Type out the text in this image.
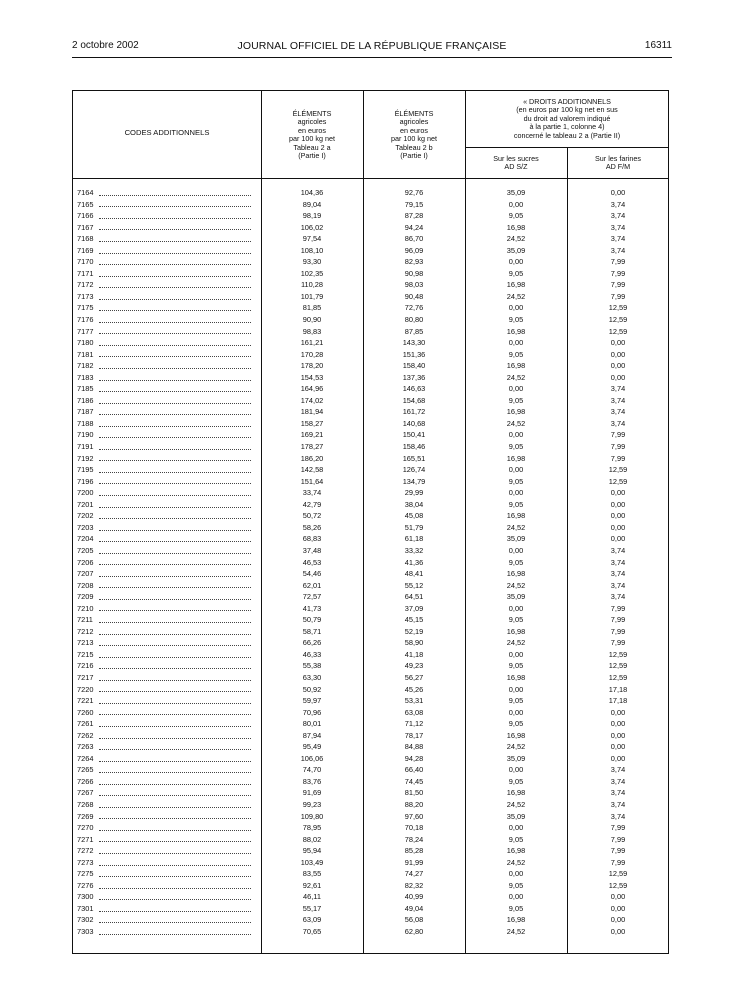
2 octobre 2002	JOURNAL OFFICIEL DE LA RÉPUBLIQUE FRANÇAISE	16311
CODES ADDITIONNELS
ÉLÉMENTS
agricoles
en euros
par 100 kg net
Tableau 2 a
(Partie I)
ÉLÉMENTS
agricoles
en euros
par 100 kg net
Tableau 2 b
(Partie I)
« DROITS ADDITIONNELS
(en euros par 100 kg net en sus
du droit ad valorem indiqué
à la partie 1, colonne 4)
concerné le tableau 2 a (Partie II)
Sur les sucres
AD S/Z
Sur les farines
AD F/M
7164	104,36	92,76	35,09	0,00
7165	89,04	79,15	0,00	3,74
7166	98,19	87,28	9,05	3,74
7167	106,02	94,24	16,98	3,74
7168	97,54	86,70	24,52	3,74
7169	108,10	96,09	35,09	3,74
7170	93,30	82,93	0,00	7,99
7171	102,35	90,98	9,05	7,99
7172	110,28	98,03	16,98	7,99
7173	101,79	90,48	24,52	7,99
7175	81,85	72,76	0,00	12,59
7176	90,90	80,80	9,05	12,59
7177	98,83	87,85	16,98	12,59
7180	161,21	143,30	0,00	0,00
7181	170,28	151,36	9,05	0,00
7182	178,20	158,40	16,98	0,00
7183	154,53	137,36	24,52	0,00
7185	164,96	146,63	0,00	3,74
7186	174,02	154,68	9,05	3,74
7187	181,94	161,72	16,98	3,74
7188	158,27	140,68	24,52	3,74
7190	169,21	150,41	0,00	7,99
7191	178,27	158,46	9,05	7,99
7192	186,20	165,51	16,98	7,99
7195	142,58	126,74	0,00	12,59
7196	151,64	134,79	9,05	12,59
7200	33,74	29,99	0,00	0,00
7201	42,79	38,04	9,05	0,00
7202	50,72	45,08	16,98	0,00
7203	58,26	51,79	24,52	0,00
7204	68,83	61,18	35,09	0,00
7205	37,48	33,32	0,00	3,74
7206	46,53	41,36	9,05	3,74
7207	54,46	48,41	16,98	3,74
7208	62,01	55,12	24,52	3,74
7209	72,57	64,51	35,09	3,74
7210	41,73	37,09	0,00	7,99
7211	50,79	45,15	9,05	7,99
7212	58,71	52,19	16,98	7,99
7213	66,26	58,90	24,52	7,99
7215	46,33	41,18	0,00	12,59
7216	55,38	49,23	9,05	12,59
7217	63,30	56,27	16,98	12,59
7220	50,92	45,26	0,00	17,18
7221	59,97	53,31	9,05	17,18
7260	70,96	63,08	0,00	0,00
7261	80,01	71,12	9,05	0,00
7262	87,94	78,17	16,98	0,00
7263	95,49	84,88	24,52	0,00
7264	106,06	94,28	35,09	0,00
7265	74,70	66,40	0,00	3,74
7266	83,76	74,45	9,05	3,74
7267	91,69	81,50	16,98	3,74
7268	99,23	88,20	24,52	3,74
7269	109,80	97,60	35,09	3,74
7270	78,95	70,18	0,00	7,99
7271	88,02	78,24	9,05	7,99
7272	95,94	85,28	16,98	7,99
7273	103,49	91,99	24,52	7,99
7275	83,55	74,27	0,00	12,59
7276	92,61	82,32	9,05	12,59
7300	46,11	40,99	0,00	0,00
7301	55,17	49,04	9,05	0,00
7302	63,09	56,08	16,98	0,00
7303	70,65	62,80	24,52	0,00
